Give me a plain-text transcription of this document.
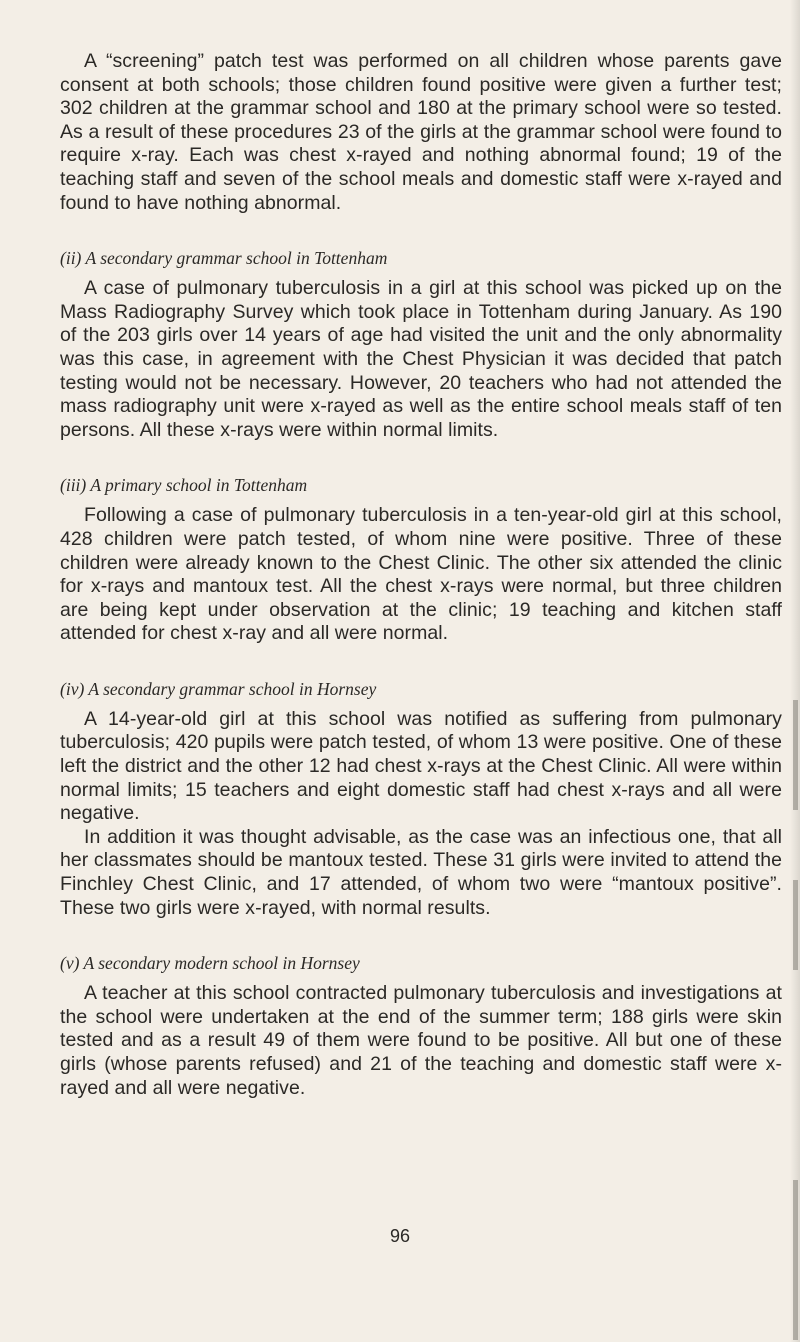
A “screening” patch test was performed on all children whose parents gave consent at both schools; those children found positive were given a further test; 302 children at the grammar school and 180 at the primary school were so tested. As a result of these procedures 23 of the girls at the grammar school were found to require x-ray. Each was chest x-rayed and nothing abnormal found; 19 of the teaching staff and seven of the school meals and domestic staff were x-rayed and found to have nothing abnormal.

(ii) A secondary grammar school in Tottenham

A case of pulmonary tuberculosis in a girl at this school was picked up on the Mass Radiography Survey which took place in Tottenham during January. As 190 of the 203 girls over 14 years of age had visited the unit and the only abnormality was this case, in agreement with the Chest Physician it was decided that patch testing would not be necessary. However, 20 teachers who had not attended the mass radiography unit were x-rayed as well as the entire school meals staff of ten persons. All these x-rays were within normal limits.

(iii) A primary school in Tottenham

Following a case of pulmonary tuberculosis in a ten-year-old girl at this school, 428 children were patch tested, of whom nine were positive. Three of these children were already known to the Chest Clinic. The other six attended the clinic for x-rays and mantoux test. All the chest x-rays were normal, but three children are being kept under observation at the clinic; 19 teaching and kitchen staff attended for chest x-ray and all were normal.

(iv) A secondary grammar school in Hornsey

A 14-year-old girl at this school was notified as suffering from pulmonary tuberculosis; 420 pupils were patch tested, of whom 13 were positive. One of these left the district and the other 12 had chest x-rays at the Chest Clinic. All were within normal limits; 15 teachers and eight domestic staff had chest x-rays and all were negative.

In addition it was thought advisable, as the case was an infectious one, that all her classmates should be mantoux tested. These 31 girls were invited to attend the Finchley Chest Clinic, and 17 attended, of whom two were “mantoux positive”. These two girls were x-rayed, with normal results.

(v) A secondary modern school in Hornsey

A teacher at this school contracted pulmonary tuberculosis and investigations at the school were undertaken at the end of the summer term; 188 girls were skin tested and as a result 49 of them were found to be positive. All but one of these girls (whose parents refused) and 21 of the teaching and domestic staff were x-rayed and all were negative.

96
